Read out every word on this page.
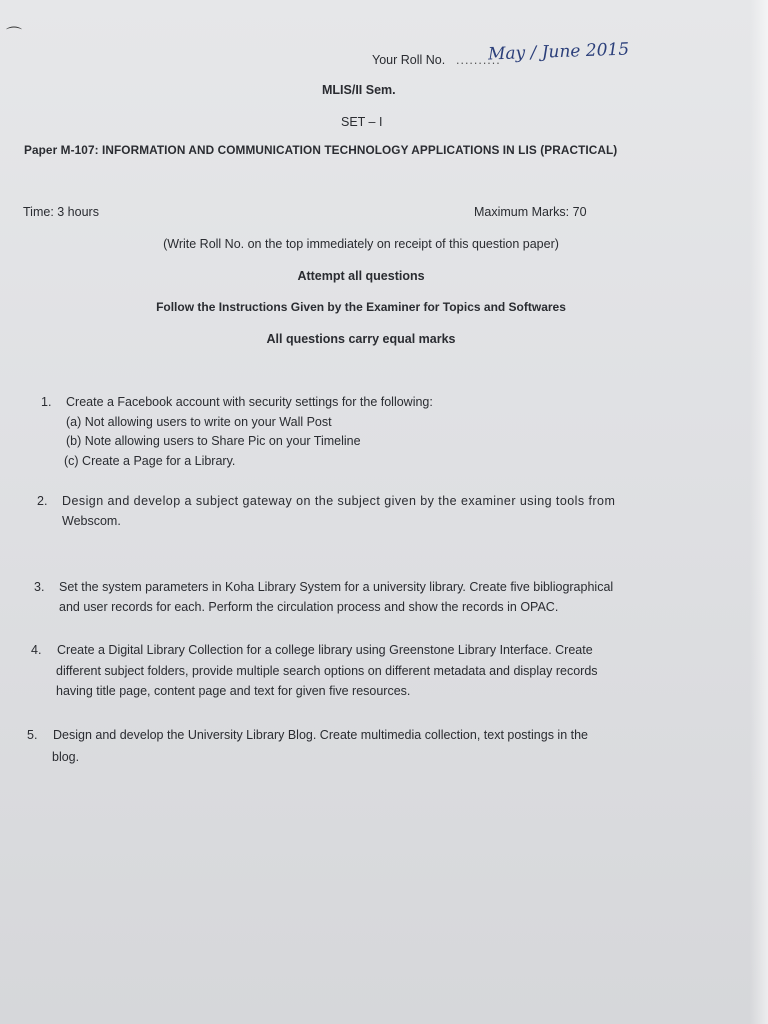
⌒
Your Roll No. ..........
May / June 2015
MLIS/II Sem.
SET – I
Paper M-107: INFORMATION AND COMMUNICATION TECHNOLOGY APPLICATIONS IN LIS (PRACTICAL)
Time: 3 hours	Maximum Marks: 70
(Write Roll No. on the top immediately on receipt of this question paper)
Attempt all questions
Follow the Instructions Given by the Examiner for Topics and Softwares
All questions carry equal marks
1. Create a Facebook account with security settings for the following:
(a) Not allowing users to write on your Wall Post
(b) Note allowing users to Share Pic on your Timeline
(c) Create a Page for a Library.
2. Design and develop a subject gateway on the subject given by the examiner using tools from
Webscom.
3. Set the system parameters in Koha Library System for a university library. Create five bibliographical
and user records for each. Perform the circulation process and show the records in OPAC.
4. Create a Digital Library Collection for a college library using Greenstone Library Interface. Create
different subject folders, provide multiple search options on different metadata and display records
having title page, content page and text for given five resources.
5. Design and develop the University Library Blog. Create multimedia collection, text postings in the
blog.
